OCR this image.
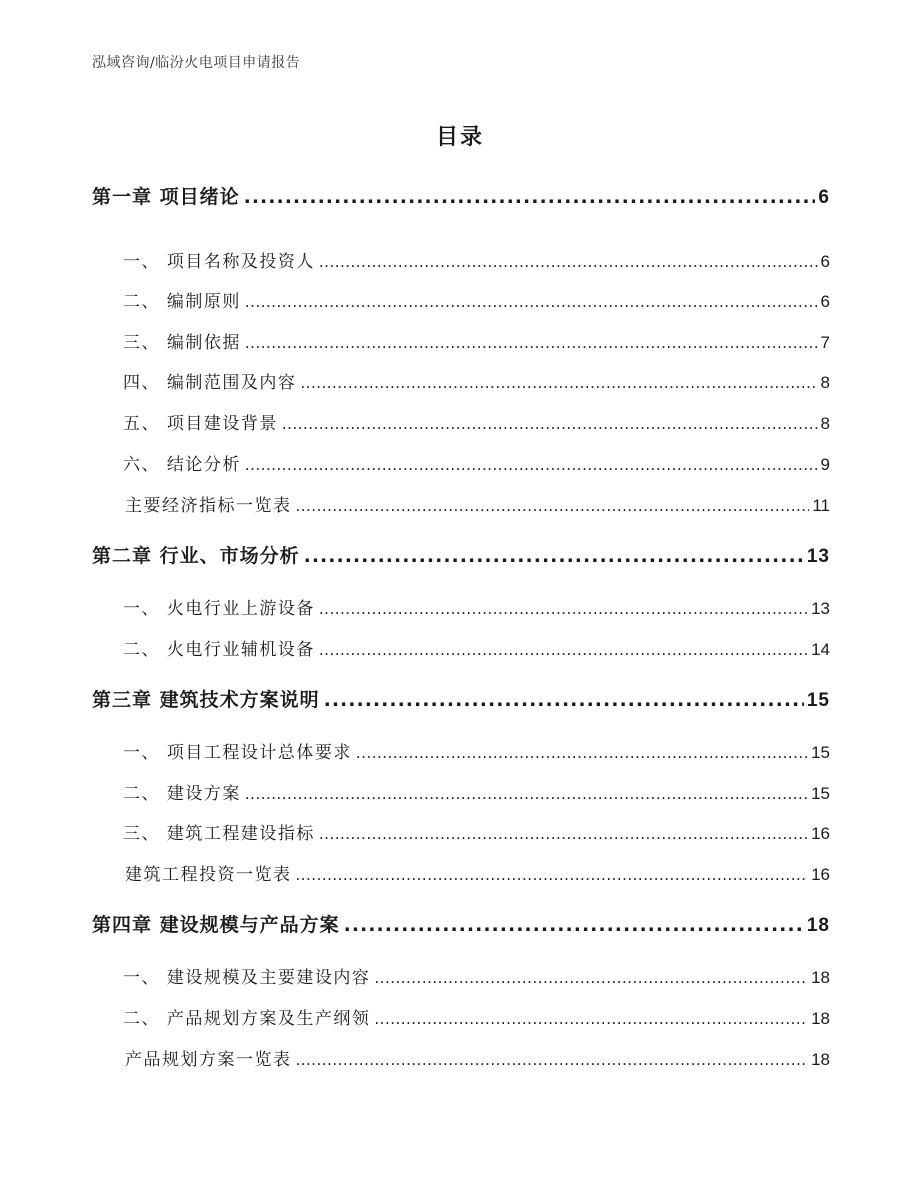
泓域咨询/临汾火电项目申请报告
目录
第一章 项目绪论 .....	6
一、 项目名称及投资人 .....	6
二、 编制原则 .....	6
三、 编制依据 .....	7
四、 编制范围及内容 .....	8
五、 项目建设背景 .....	8
六、 结论分析 .....	9
主要经济指标一览表 .....	11
第二章 行业、市场分析 .....	13
一、 火电行业上游设备 .....	13
二、 火电行业辅机设备 .....	14
第三章 建筑技术方案说明 .....	15
一、 项目工程设计总体要求 .....	15
二、 建设方案 .....	15
三、 建筑工程建设指标 .....	16
建筑工程投资一览表 .....	16
第四章 建设规模与产品方案 .....	18
一、 建设规模及主要建设内容 .....	18
二、 产品规划方案及生产纲领 .....	18
产品规划方案一览表 .....	18
